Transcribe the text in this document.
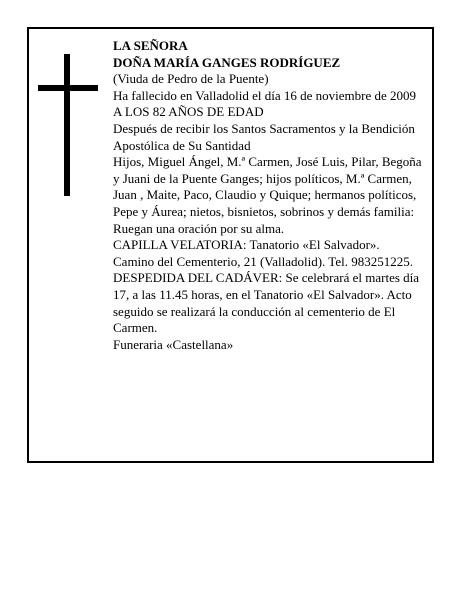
LA SEÑORA
DOÑA MARÍA GANGES RODRÍGUEZ
(Viuda de Pedro de la Puente)
Ha fallecido en Valladolid el día 16 de noviembre de 2009
A LOS 82 AÑOS DE EDAD
Después de recibir los Santos Sacramentos y la Bendición Apostólica de Su Santidad
Hijos, Miguel Ángel, M.ª Carmen, José Luis, Pilar, Begoña y Juani de la Puente Ganges; hijos políticos, M.ª Carmen, Juan , Maite, Paco, Claudio y Quique; hermanos políticos, Pepe y Áurea; nietos, bisnietos, sobrinos y demás familia:
Ruegan una oración por su alma.
CAPILLA VELATORIA: Tanatorio «El Salvador». Camino del Cementerio, 21 (Valladolid). Tel. 983251225.
DESPEDIDA DEL CADÁVER: Se celebrará el martes día 17, a las 11.45 horas, en el Tanatorio «El Salvador». Acto seguido se realizará la conducción al cementerio de El Carmen.
Funeraria «Castellana»
